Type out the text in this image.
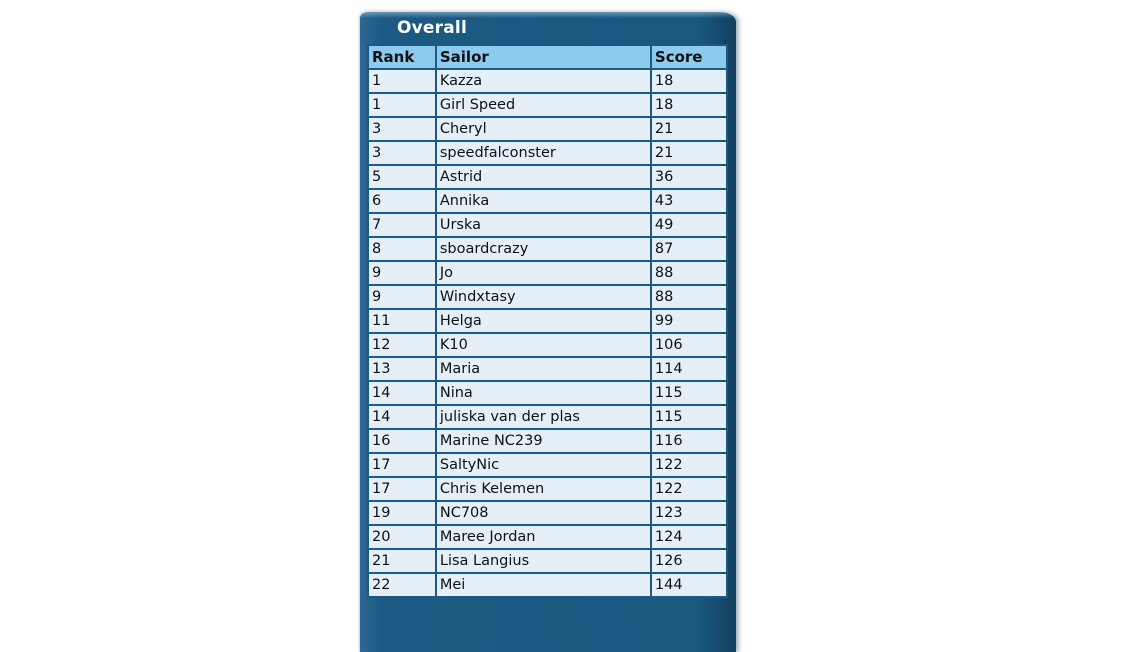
Overall
Rank	Sailor	Score
1	Kazza	18
1	Girl Speed	18
3	Cheryl	21
3	speedfalconster	21
5	Astrid	36
6	Annika	43
7	Urska	49
8	sboardcrazy	87
9	Jo	88
9	Windxtasy	88
11	Helga	99
12	K10	106
13	Maria	114
14	Nina	115
14	juliska van der plas	115
16	Marine NC239	116
17	SaltyNic	122
17	Chris Kelemen	122
19	NC708	123
20	Maree Jordan	124
21	Lisa Langius	126
22	Mei	144
